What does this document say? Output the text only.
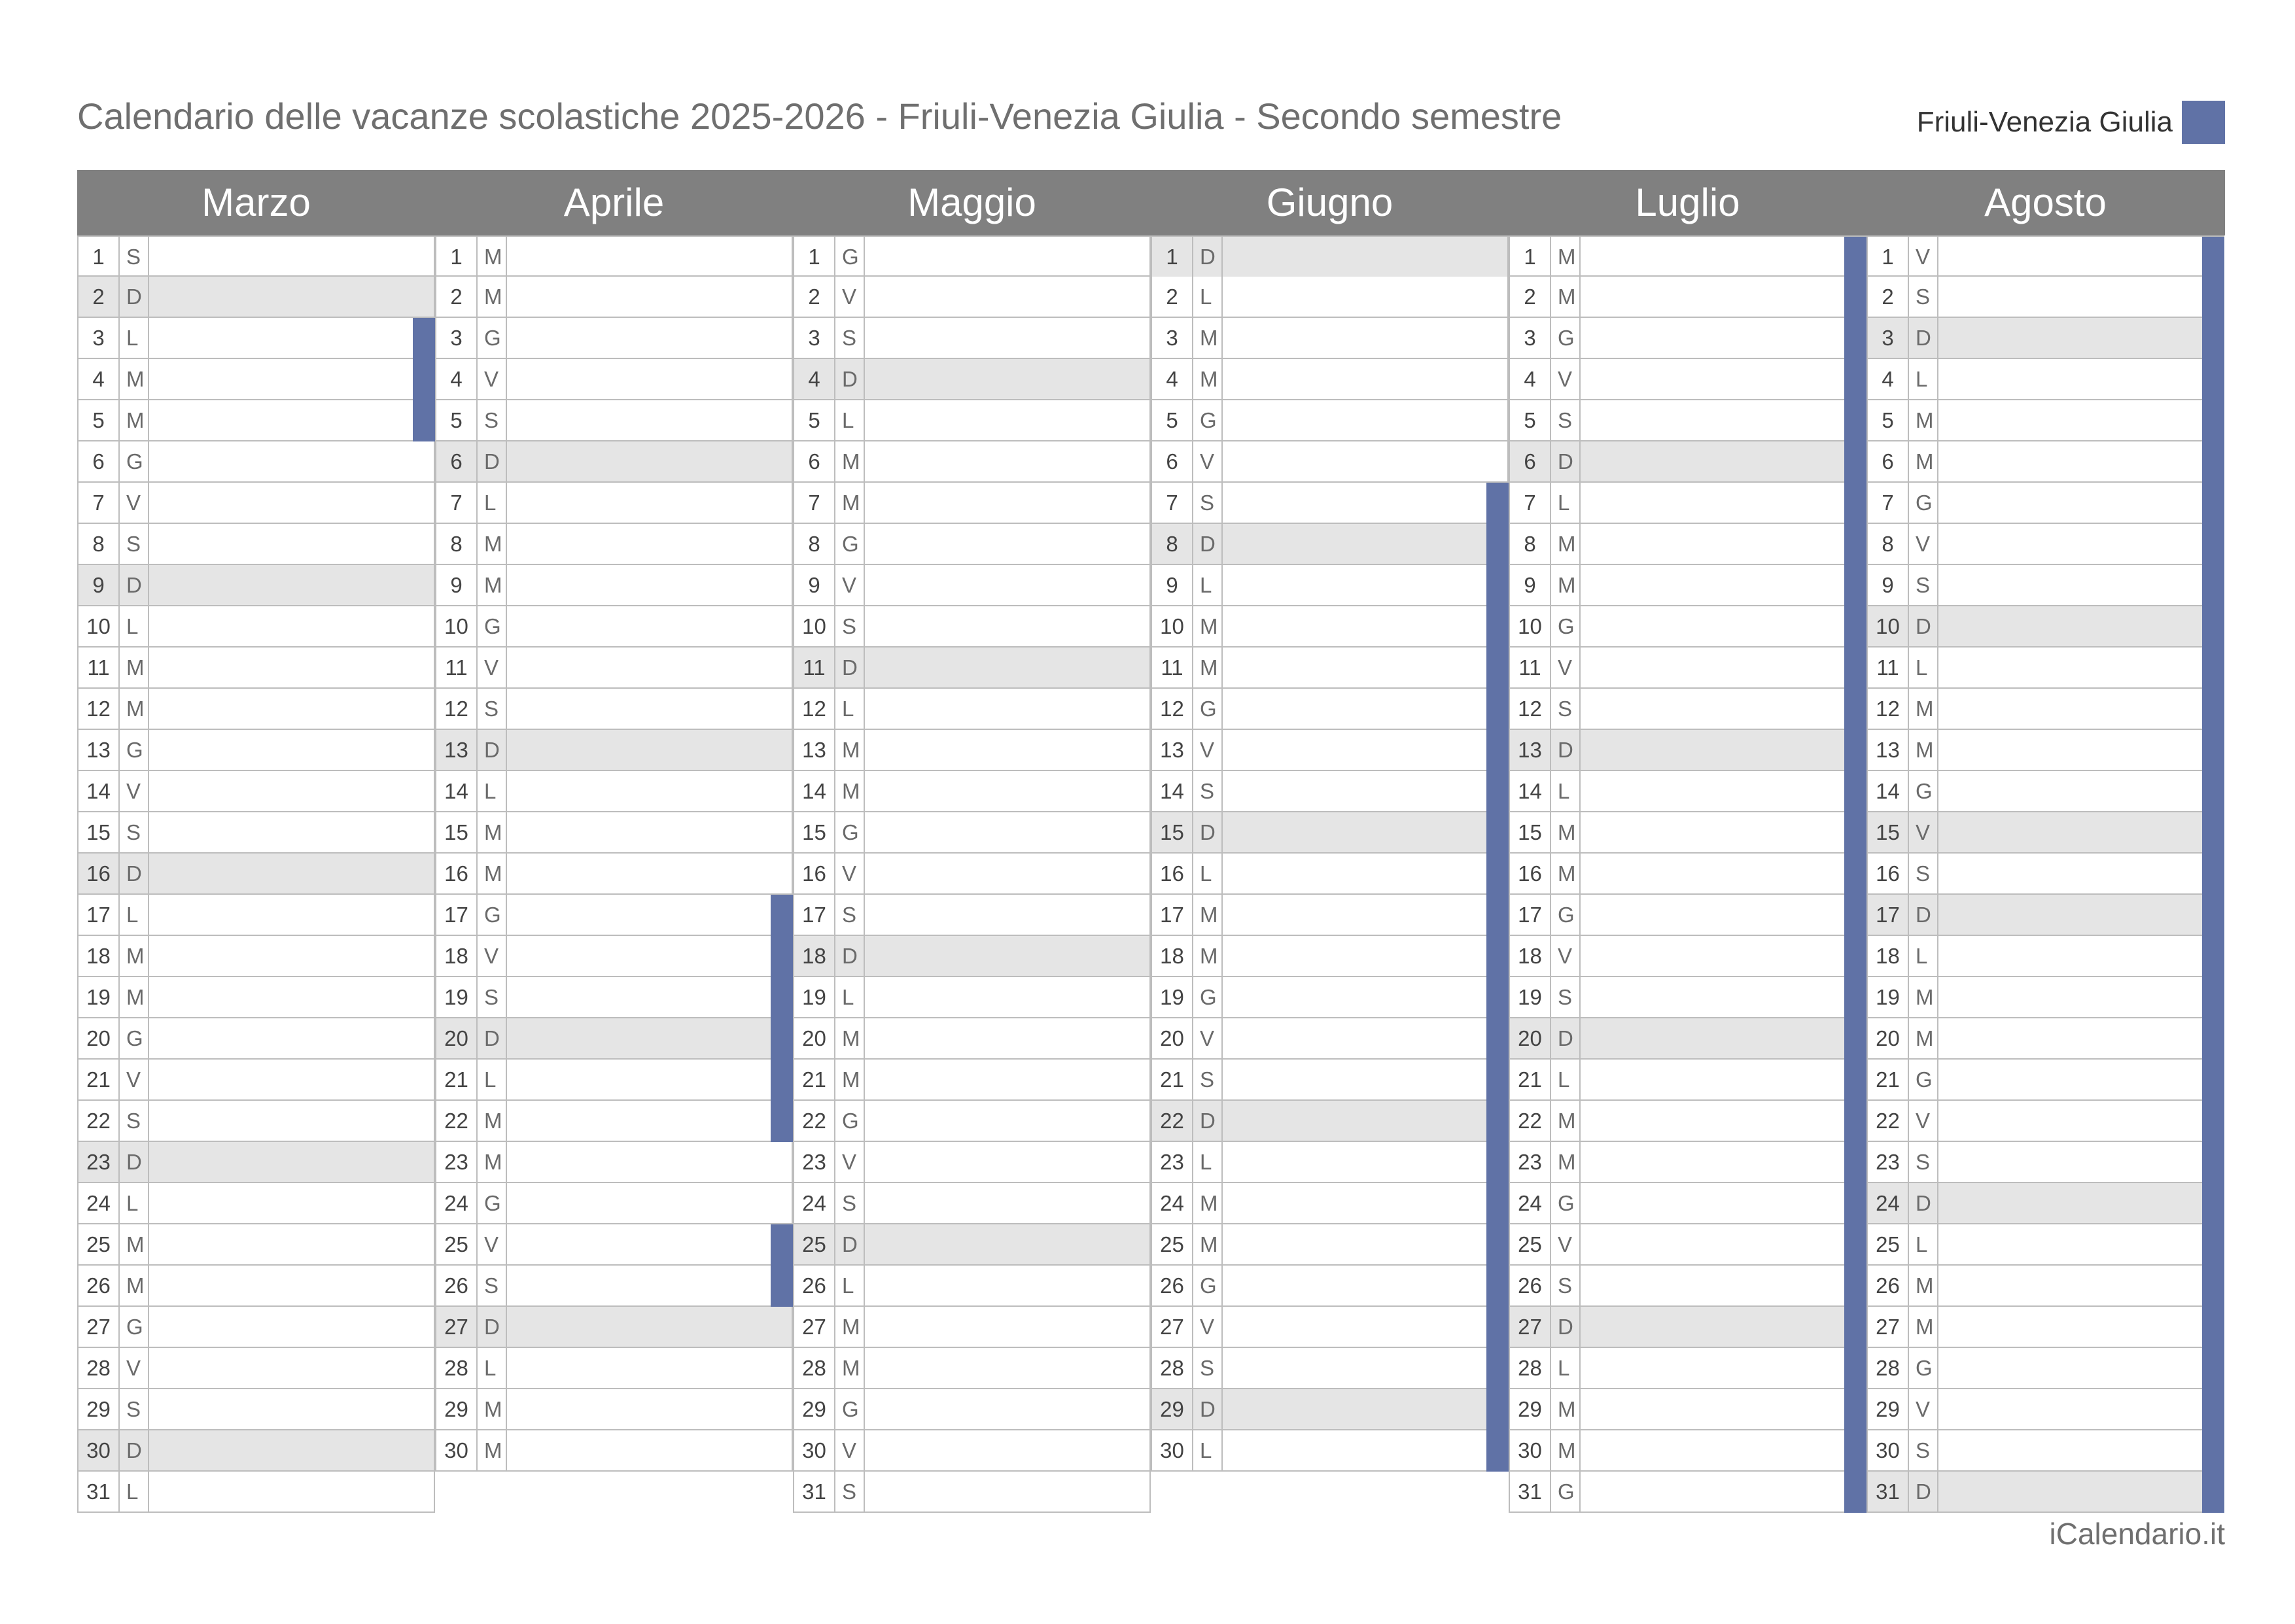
Calendario delle vacanze scolastiche 2025-2026 - Friuli-Venezia Giulia - Secondo semestre	Friuli-Venezia Giulia
Marzo	Aprile	Maggio	Giugno	Luglio	Agosto
1	S
2	D
3	L
4	M
5	M
6	G
7	V
8	S
9	D
10 L
11 M
12 M
13 G
14 V
15 S
16 D
17 L
18 M
19 M
20 G
21 V
22 S
23 D
24 L
25 M
26 M
27 G
28 V
29 S
30 D
31 L
1	M
2	M
3	G
4	V
5	S
6	D
7	L
8	M
9	M
10 G
11 V
12 S
13 D
14 L
15 M
16 M
17 G
18 V
19 S
20 D
21 L
22 M
23 M
24 G
25 V
26 S
27 D
28 L
29 M
30 M
1	G
2	V
3	S
4	D
5	L
6	M
7	M
8	G
9	V
10 S
11 D
12 L
13 M
14 M
15 G
16 V
17 S
18 D
19 L
20 M
21 M
22 G
23 V
24 S
25 D
26 L
27 M
28 M
29 G
30 V
31 S
1	D
2	L
3	M
4	M
5	G
6	V
7	S
8	D
9	L
10 M
11 M
12 G
13 V
14 S
15 D
16 L
17 M
18 M
19 G
20 V
21 S
22 D
23 L
24 M
25 M
26 G
27 V
28 S
29 D
30 L
1	M
2	M
3	G
4	V
5	S
6	D
7	L
8	M
9	M
10 G
11 V
12 S
13 D
14 L
15 M
16 M
17 G
18 V
19 S
20 D
21 L
22 M
23 M
24 G
25 V
26 S
27 D
28 L
29 M
30 M
31 G
1	V
2	S
3	D
4	L
5	M
6	M
7	G
8	V
9	S
10 D
11 L
12 M
13 M
14 G
15 V
16 S
17 D
18 L
19 M
20 M
21 G
22 V
23 S
24 D
25 L
26 M
27 M
28 G
29 V
30 S
31 D
iCalendario.it
